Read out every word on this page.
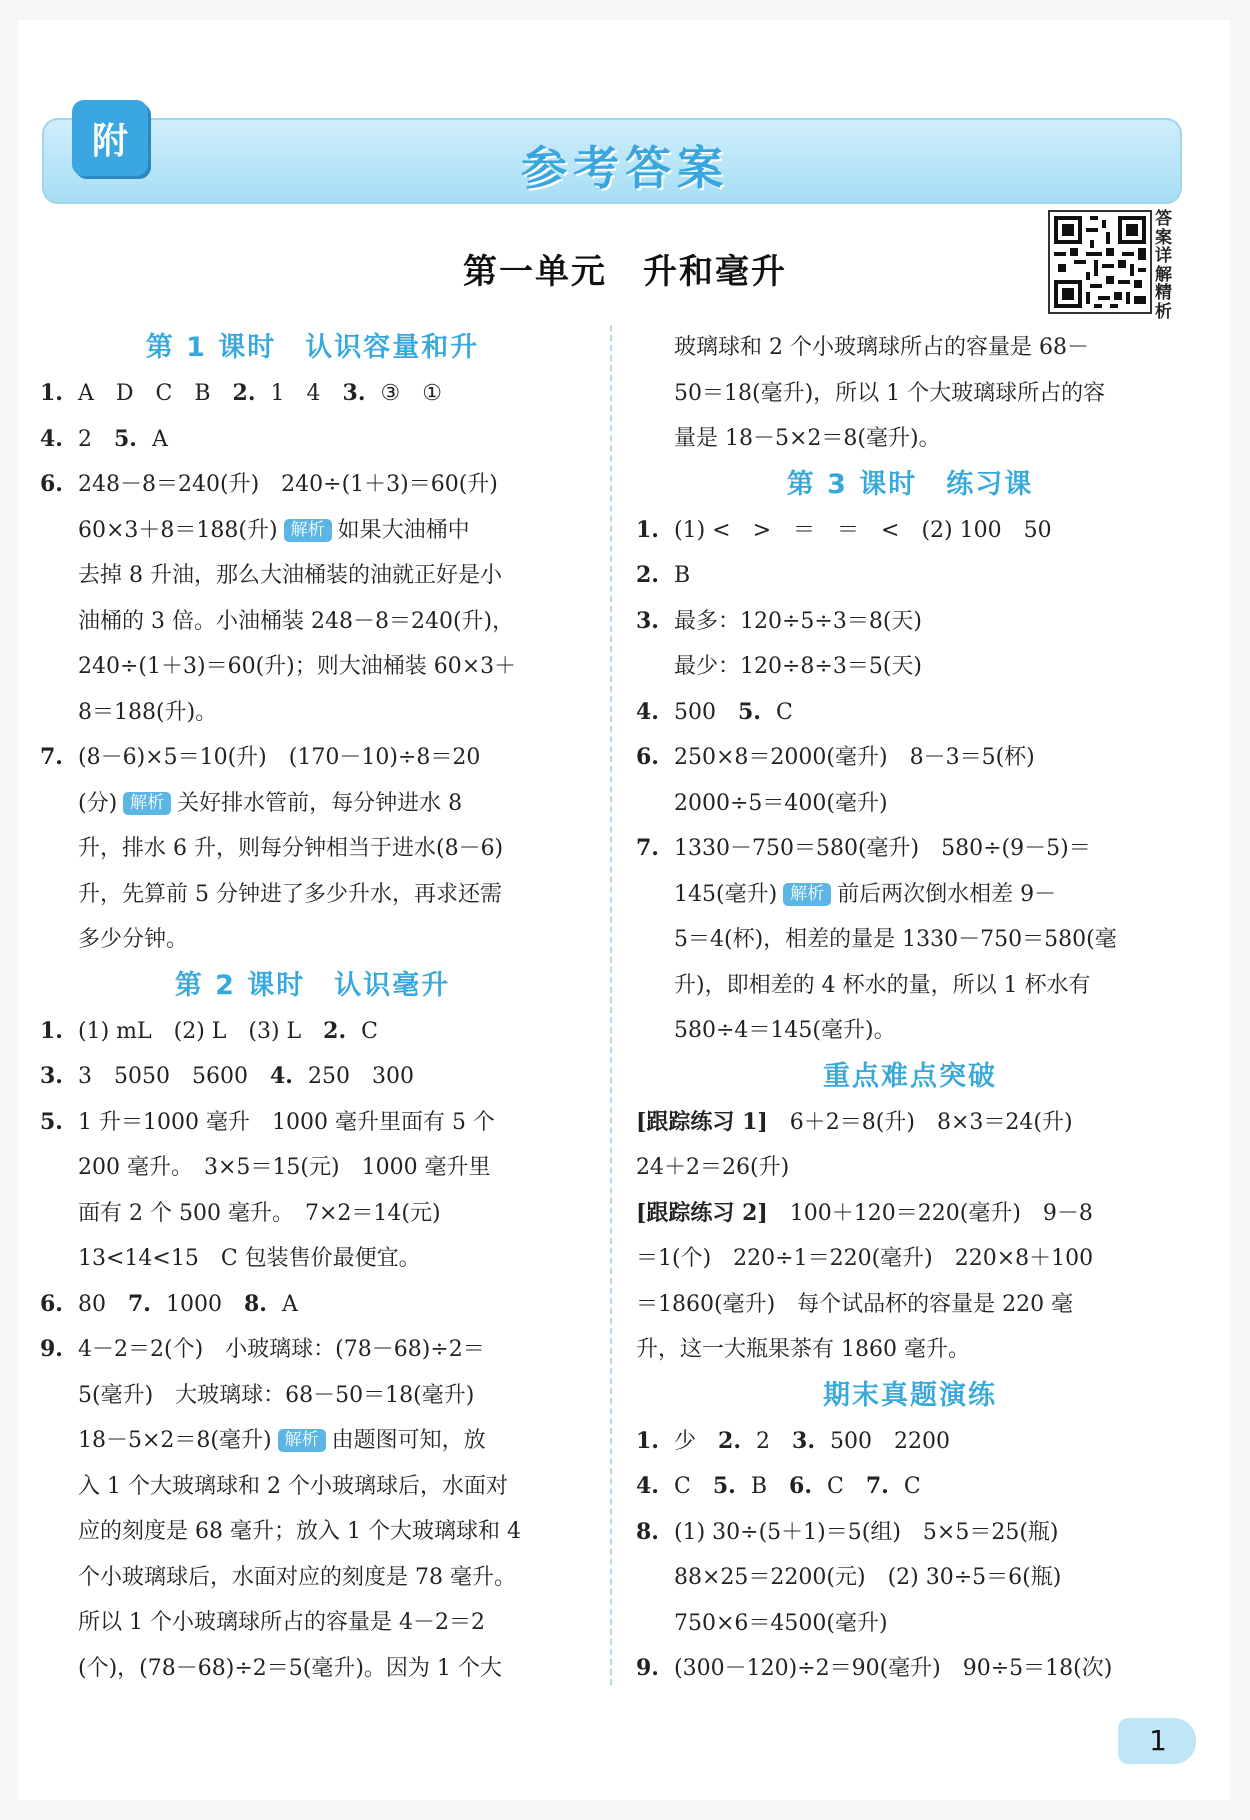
附	参考答案
第一单元　升和毫升
答案详解精析
第 1 课时　认识容量和升
1. A　D　C　B　2. 1　4　3. ③　①
4. 2　5. A
6. 248－8＝240(升)　240÷(1＋3)＝60(升)
60×3＋8＝188(升) 解析 如果大油桶中
去掉 8 升油，那么大油桶装的油就正好是小
油桶的 3 倍。小油桶装 248－8＝240(升)，
240÷(1＋3)＝60(升)；则大油桶装 60×3＋
8＝188(升)。
7. (8－6)×5＝10(升)　(170－10)÷8＝20
(分) 解析 关好排水管前，每分钟进水 8
升，排水 6 升，则每分钟相当于进水(8－6)
升，先算前 5 分钟进了多少升水，再求还需
多少分钟。
第 2 课时　认识毫升
1. (1) mL　(2) L　(3) L　2. C
3. 3　5050　5600　4. 250　300
5. 1 升＝1000 毫升　1000 毫升里面有 5 个
200 毫升。　3×5＝15(元)　1000 毫升里
面有 2 个 500 毫升。　7×2＝14(元)
13<14<15　C 包装售价最便宜。
6. 80　7. 1000　8. A
9. 4－2＝2(个)　小玻璃球：(78－68)÷2＝
5(毫升)　大玻璃球：68－50＝18(毫升)
18－5×2＝8(毫升) 解析 由题图可知，放
入 1 个大玻璃球和 2 个小玻璃球后，水面对
应的刻度是 68 毫升；放入 1 个大玻璃球和 4
个小玻璃球后，水面对应的刻度是 78 毫升。
所以 1 个小玻璃球所占的容量是 4－2＝2
(个)，(78－68)÷2＝5(毫升)。因为 1 个大
玻璃球和 2 个小玻璃球所占的容量是 68－
50＝18(毫升)，所以 1 个大玻璃球所占的容
量是 18－5×2＝8(毫升)。
第 3 课时　练习课
1. (1) <　>　＝　＝　<　(2) 100　50
2. B
3. 最多：120÷5÷3＝8(天)
最少：120÷8÷3＝5(天)
4. 500　5. C
6. 250×8＝2000(毫升)　8－3＝5(杯)
2000÷5＝400(毫升)
7. 1330－750＝580(毫升)　580÷(9－5)＝
145(毫升) 解析 前后两次倒水相差 9－
5＝4(杯)，相差的量是 1330－750＝580(毫
升)，即相差的 4 杯水的量，所以 1 杯水有
580÷4＝145(毫升)。
重点难点突破
[跟踪练习 1]　6＋2＝8(升)　8×3＝24(升)
24＋2＝26(升)
[跟踪练习 2]　100＋120＝220(毫升)　9－8
＝1(个)　220÷1＝220(毫升)　220×8＋100
＝1860(毫升)　每个试品杯的容量是 220 毫
升，这一大瓶果茶有 1860 毫升。
期末真题演练
1. 少　2. 2　3. 500　2200
4. C　5. B　6. C　7. C
8. (1) 30÷(5＋1)＝5(组)　5×5＝25(瓶)
88×25＝2200(元)　(2) 30÷5＝6(瓶)
750×6＝4500(毫升)
9. (300－120)÷2＝90(毫升)　90÷5＝18(次)
1
